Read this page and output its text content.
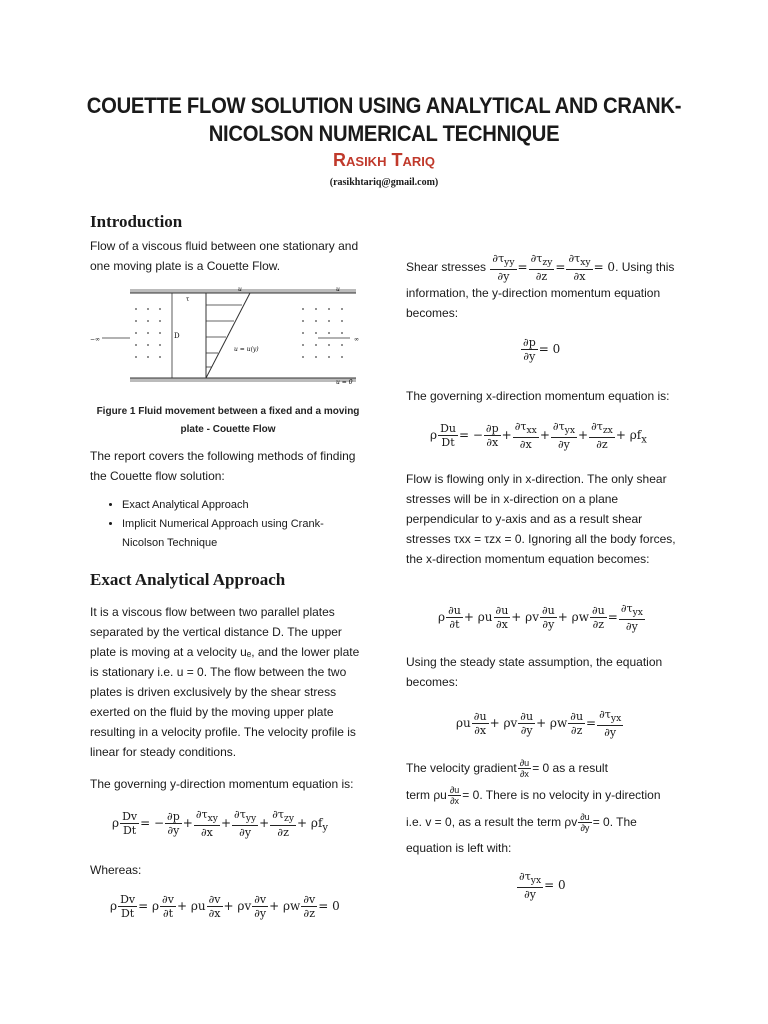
COUETTE FLOW SOLUTION USING ANALYTICAL AND CRANK-NICOLSON NUMERICAL TECHNIQUE
Rasikh Tariq
(rasikhtariq@gmail.com)

Introduction

Flow of a viscous fluid between one stationary and one moving plate is a Couette Flow.

−∞	∞
u	u
τ
D
u = u(y)
u = 0
Figure 1 Fluid movement between a fixed and a moving plate - Couette Flow

The report covers the following methods of finding the Couette flow solution:

• Exact Analytical Approach
• Implicit Numerical Approach using Crank-Nicolson Technique

Exact Analytical Approach

It is a viscous flow between two parallel plates separated by the vertical distance D. The upper plate is moving at a velocity uₑ, and the lower plate is stationary i.e. u = 0. The flow between the two plates is driven exclusively by the shear stress exerted on the fluid by the moving upper plate resulting in a velocity profile. The velocity profile is linear for steady conditions.

The governing y-direction momentum equation is:

ρ $\frac{Dv}{Dt}$ = − $\frac{\partial p}{\partial y} + \frac{\partial\tau_{xy}}{\partial x} + \frac{\partial\tau_{yy}}{\partial y} + \frac{\partial\tau_{zy}}{\partial z} + \rho f_y$

Whereas:

ρ $\frac{Dv}{Dt} = \rho \frac{\partial v}{\partial t} + \rho u \frac{\partial v}{\partial x} + \rho v \frac{\partial v}{\partial y} + \rho w \frac{\partial v}{\partial z} = 0$
Shear stresses $\frac{\partial\tau_{yy}}{\partial y} = \frac{\partial\tau_{zy}}{\partial z} = \frac{\partial\tau_{xy}}{\partial x} = 0$. Using this information, the y-direction momentum equation becomes:
$\frac{\partial p}{\partial y} = 0$

The governing x-direction momentum equation is:

ρ $\frac{Du}{Dt}$ = − $\frac{\partial p}{\partial x} + \frac{\partial\tau_{xx}}{\partial x} + \frac{\partial\tau_{yx}}{\partial y} + \frac{\partial\tau_{zx}}{\partial z} + \rho f_x$

Flow is flowing only in x-direction. The only shear stresses will be in x-direction on a plane perpendicular to y-axis and as a result shear stresses τxx = τzx = 0. Ignoring all the body forces, the x-direction momentum equation becomes:

ρ $\frac{\partial u}{\partial t} + \rho u \frac{\partial u}{\partial x} + \rho v \frac{\partial u}{\partial y} + \rho w \frac{\partial u}{\partial z} = \frac{\partial\tau_{yx}}{\partial y}$

Using the steady state assumption, the equation becomes:

ρu $\frac{\partial u}{\partial x} + \rho v \frac{\partial u}{\partial y} + \rho w \frac{\partial u}{\partial z} = \frac{\partial\tau_{yx}}{\partial y}$
The velocity gradient $\frac{\partial u}{\partial x} = 0$ as a result
term ρu $\frac{\partial u}{\partial x} = 0$. There is no velocity in y-direction
i.e. v = 0, as a result the term ρv $\frac{\partial u}{\partial y} = 0$. The

equation is left with:

$\frac{\partial\tau_{yx}}{\partial y} = 0$
